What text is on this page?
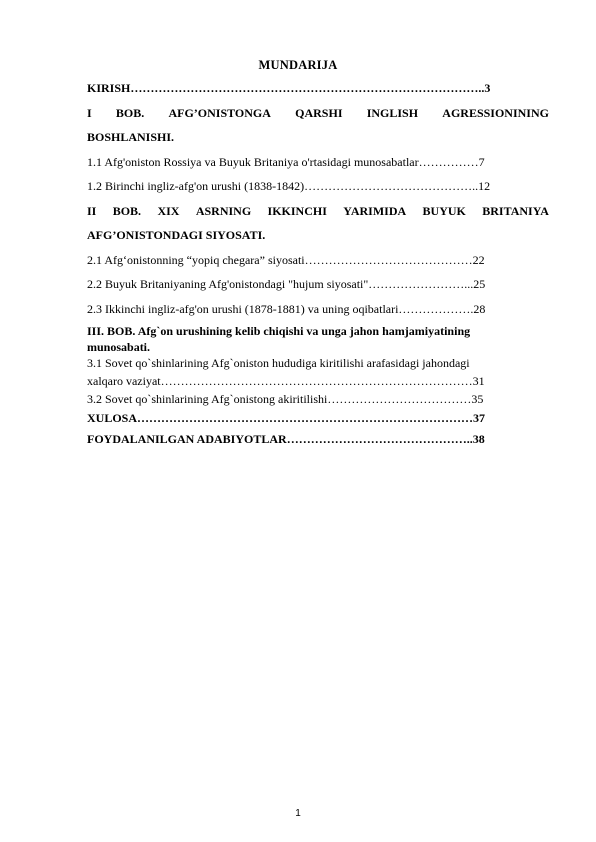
MUNDARIJA
KIRISH……………………………………………………………………………..3
I BOB. AFG’ONISTONGA QARSHI INGLISH AGRESSIONINING
BOSHLANISHI.
1.1 Afg'oniston Rossiya va Buyuk Britaniya o'rtasidagi munosabatlar……………7
1.2 Birinchi ingliz-afg'on urushi (1838-1842)……………………………………..12
II BOB. XIX ASRNING IKKINCHI YARIMIDA BUYUK BRITANIYA
AFG’ONISTONDAGI SIYOSATI.
2.1 Afg‘onistonning “yopiq chegara” siyosati……………………………………22
2.2 Buyuk Britaniyaning Afg'onistondagi "hujum siyosati"……………………...25
2.3 Ikkinchi ingliz-afg'on urushi (1878-1881) va uning oqibatlari……………….28
III. BOB. Afg`on urushining kelib chiqishi va unga jahon hamjamiyatining
munosabati.
3.1 Sovet qo`shinlarining Afg`oniston hududiga kiritilishi arafasidagi jahondagi
xalqaro vaziyat……………………………………………………………………31
3.2 Sovet qo`shinlarining Afg`onistong akiritilishi………………………………35
XULOSA…………………………………………………………………………37
FOYDALANILGAN ADABIYOTLAR………………………………………..38
1
